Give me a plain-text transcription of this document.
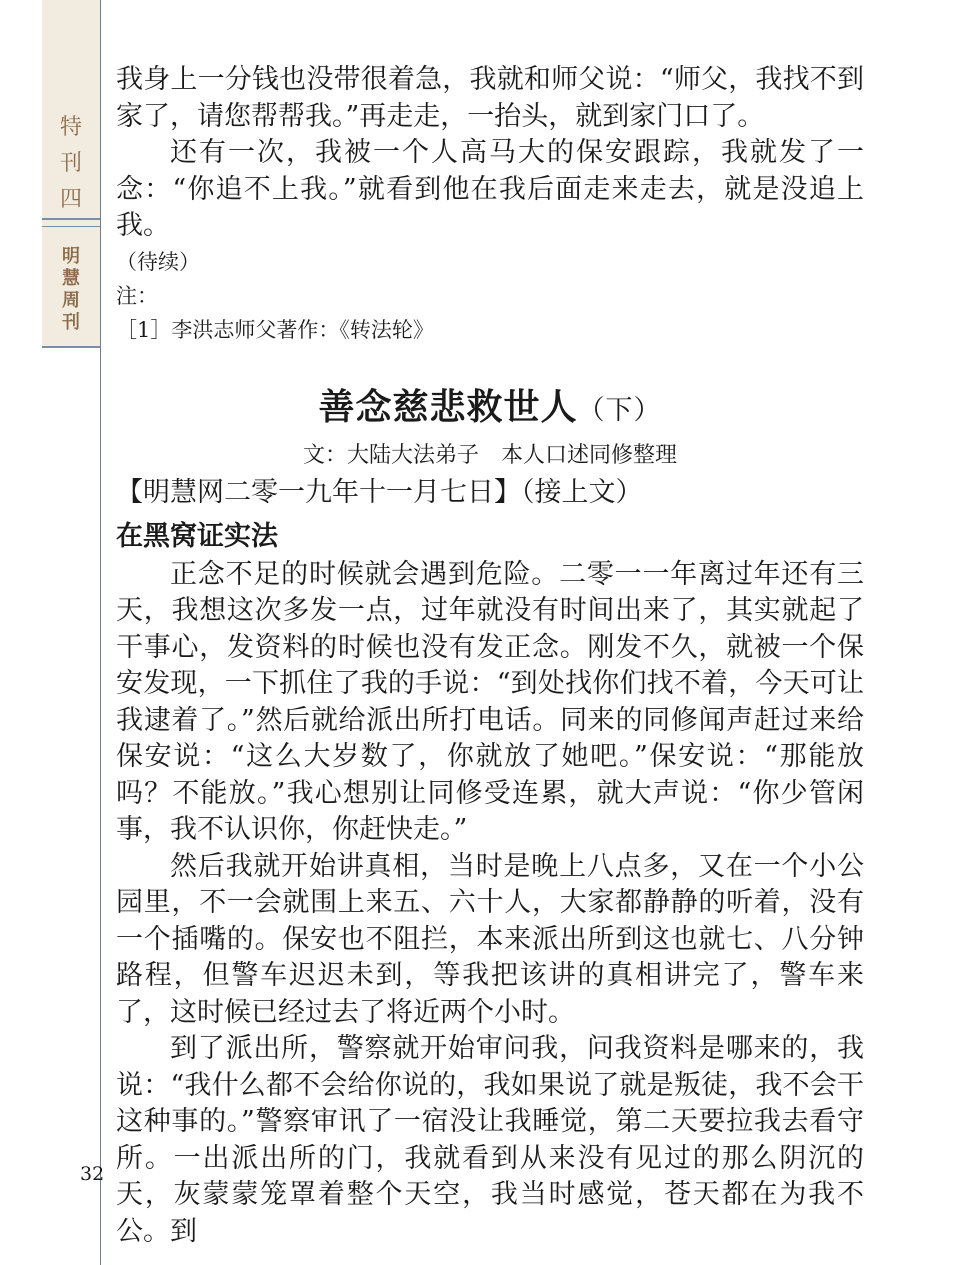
特
刊
四
明
慧
周
刊

我身上一分钱也没带很着急，我就和师父说：“师父，我找不到家了，请您帮帮我。”再走走，一抬头，就到家门口了。

还有一次，我被一个人高马大的保安跟踪，我就发了一念：“你追不上我。”就看到他在我后面走来走去，就是没追上我。

（待续）

注：

［1］李洪志师父著作：《转法轮》

善念慈悲救世人（下）

文：大陆大法弟子　本人口述同修整理

【明慧网二零一九年十一月七日】（接上文）

在黑窝证实法

正念不足的时候就会遇到危险。二零一一年离过年还有三天，我想这次多发一点，过年就没有时间出来了，其实就起了干事心，发资料的时候也没有发正念。刚发不久，就被一个保安发现，一下抓住了我的手说：“到处找你们找不着，今天可让我逮着了。”然后就给派出所打电话。同来的同修闻声赶过来给保安说：“这么大岁数了，你就放了她吧。”保安说：“那能放吗？不能放。”我心想别让同修受连累，就大声说：“你少管闲事，我不认识你，你赶快走。”

然后我就开始讲真相，当时是晚上八点多，又在一个小公园里，不一会就围上来五、六十人，大家都静静的听着，没有一个插嘴的。保安也不阻拦，本来派出所到这也就七、八分钟路程，但警车迟迟未到，等我把该讲的真相讲完了，警车来了，这时候已经过去了将近两个小时。

到了派出所，警察就开始审问我，问我资料是哪来的，我说：“我什么都不会给你说的，我如果说了就是叛徒，我不会干这种事的。”警察审讯了一宿没让我睡觉，第二天要拉我去看守所。一出派出所的门，我就看到从来没有见过的那么阴沉的天，灰蒙蒙笼罩着整个天空，我当时感觉，苍天都在为我不公。到

32
